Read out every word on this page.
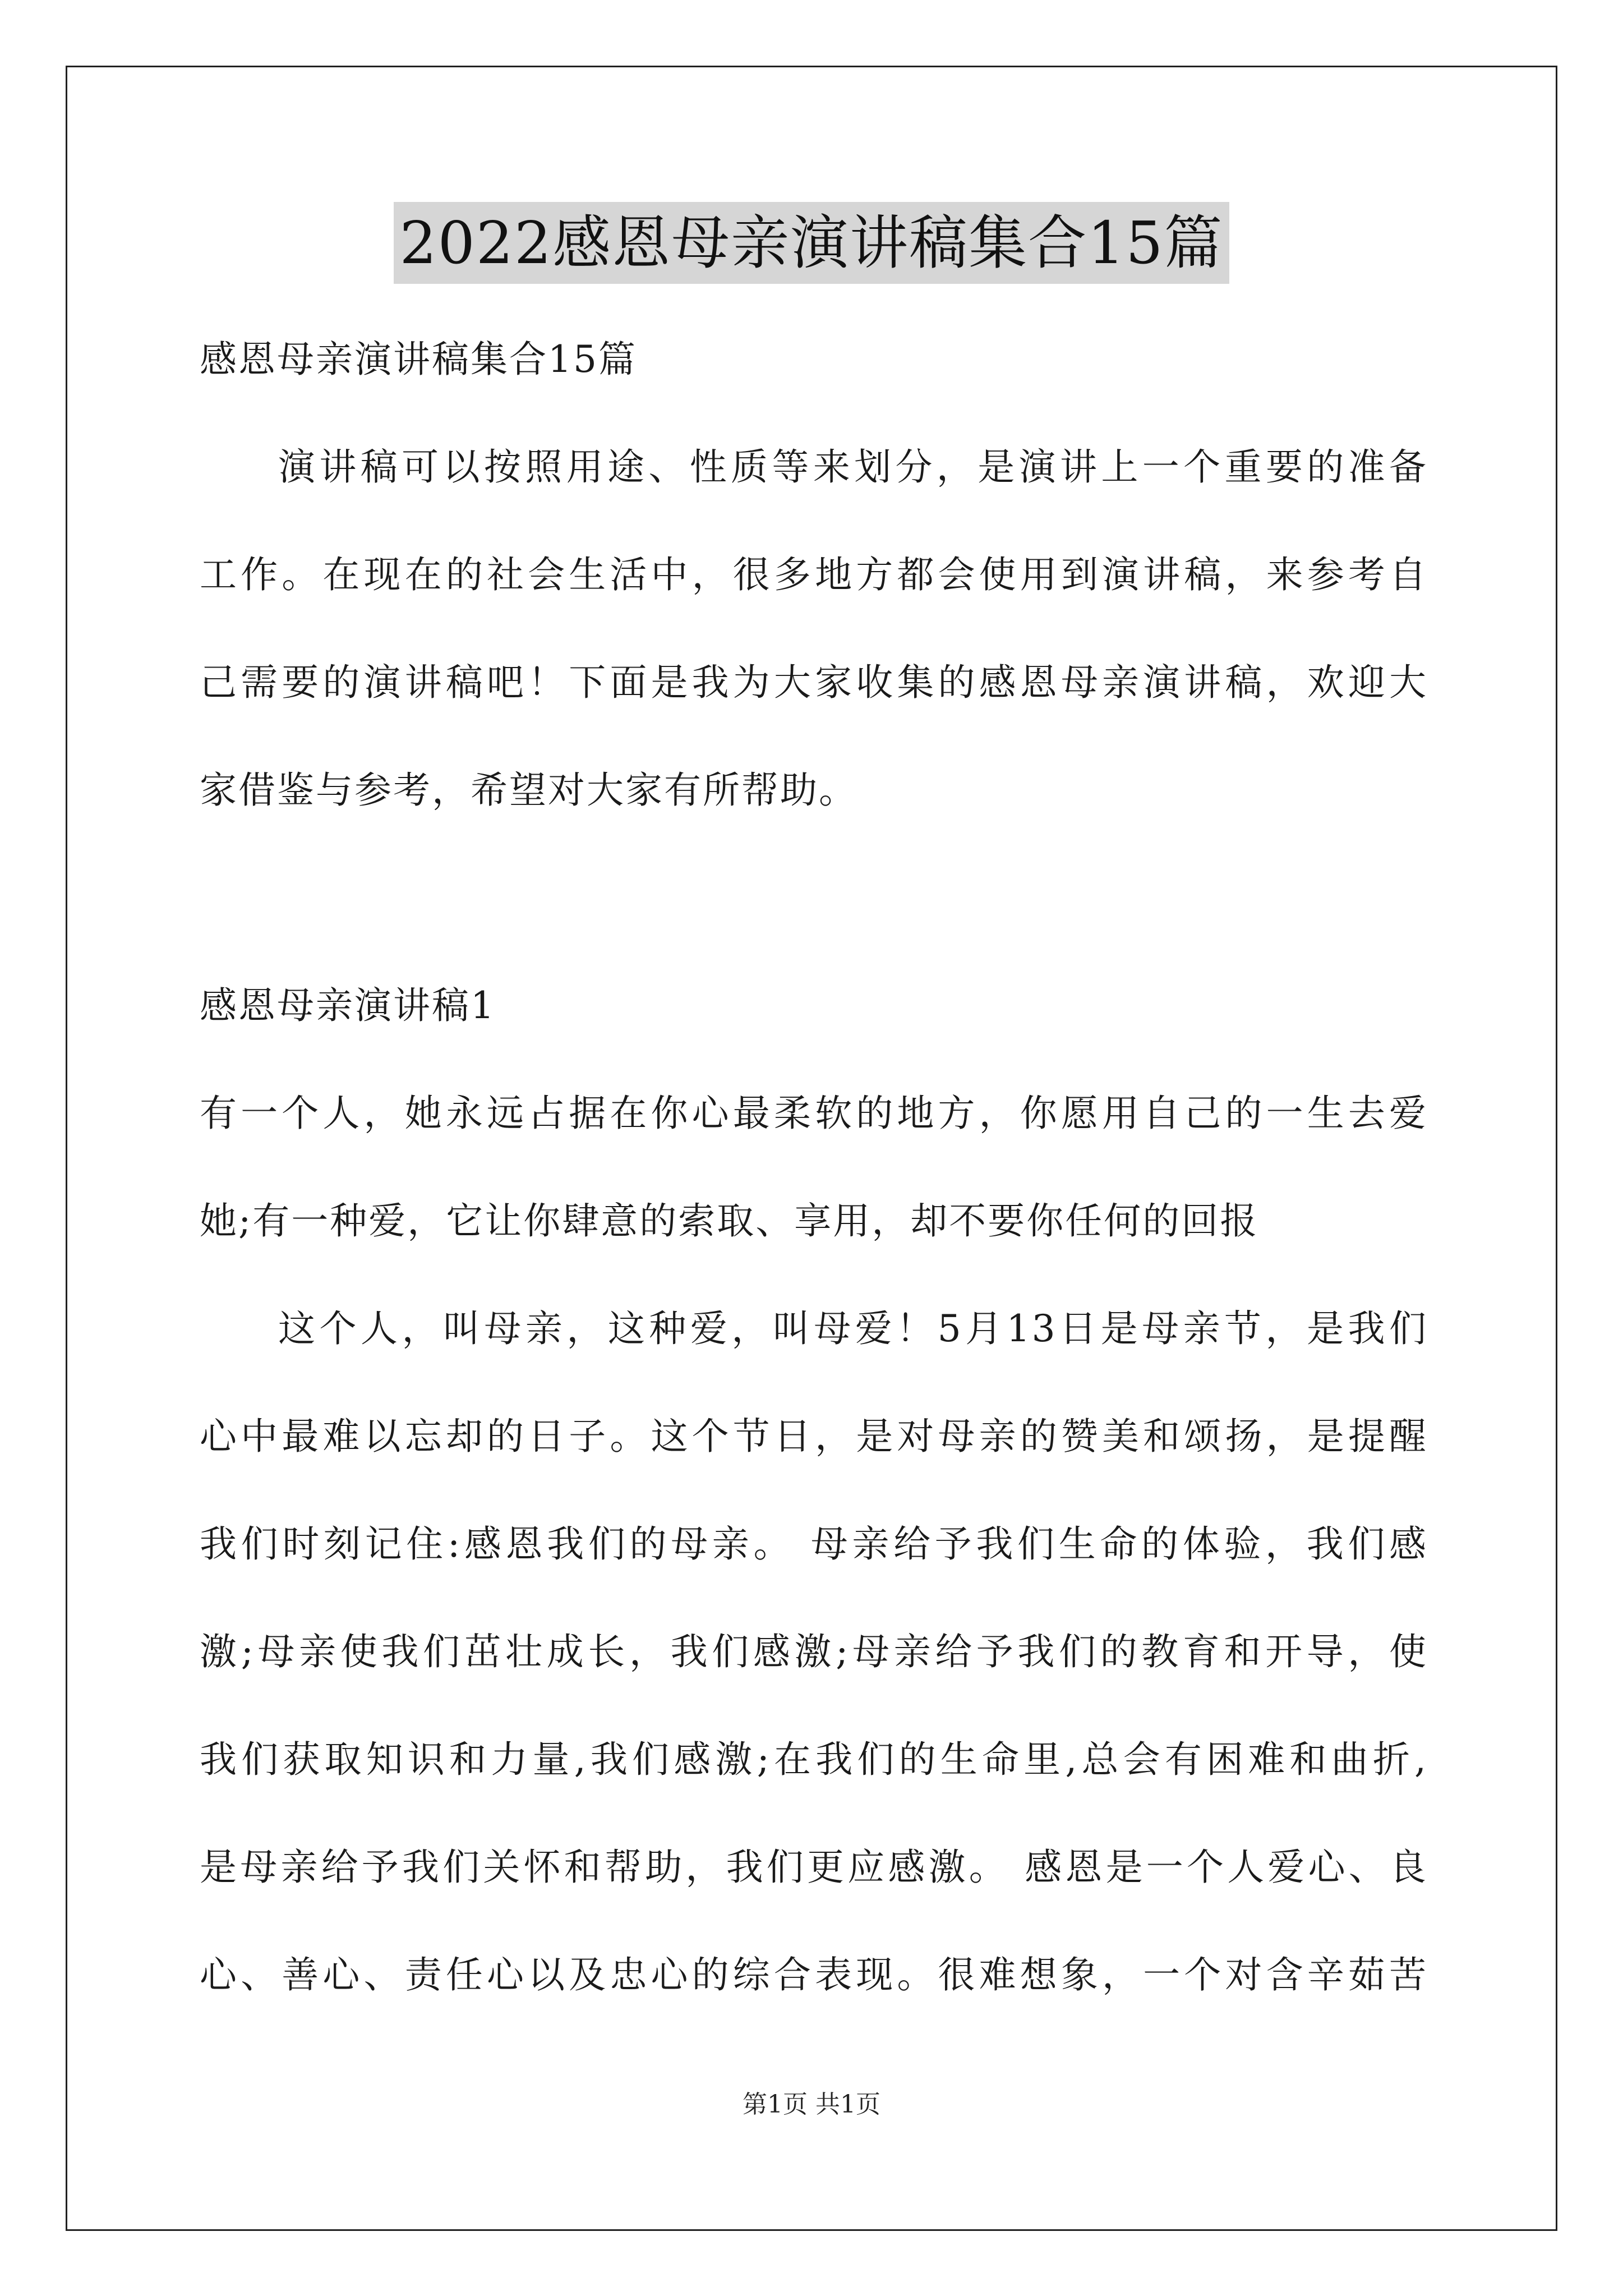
2022感恩母亲演讲稿集合15篇
感恩母亲演讲稿集合15篇
演讲稿可以按照用途、性质等来划分，是演讲上一个重要的准备
工作。在现在的社会生活中，很多地方都会使用到演讲稿，来参考自
己需要的演讲稿吧！下面是我为大家收集的感恩母亲演讲稿，欢迎大
家借鉴与参考，希望对大家有所帮助。
感恩母亲演讲稿1
有一个人，她永远占据在你心最柔软的地方，你愿用自己的一生去爱
她;有一种爱，它让你肆意的索取、享用，却不要你任何的回报
这个人，叫母亲，这种爱，叫母爱！5月13日是母亲节，是我们
心中最难以忘却的日子。这个节日，是对母亲的赞美和颂扬，是提醒
我们时刻记住:感恩我们的母亲。 母亲给予我们生命的体验，我们感
激;母亲使我们茁壮成长，我们感激;母亲给予我们的教育和开导，使
我们获取知识和力量,我们感激;在我们的生命里,总会有困难和曲折,
是母亲给予我们关怀和帮助，我们更应感激。 感恩是一个人爱心、良
心、善心、责任心以及忠心的综合表现。很难想象，一个对含辛茹苦
第1页 共1页
